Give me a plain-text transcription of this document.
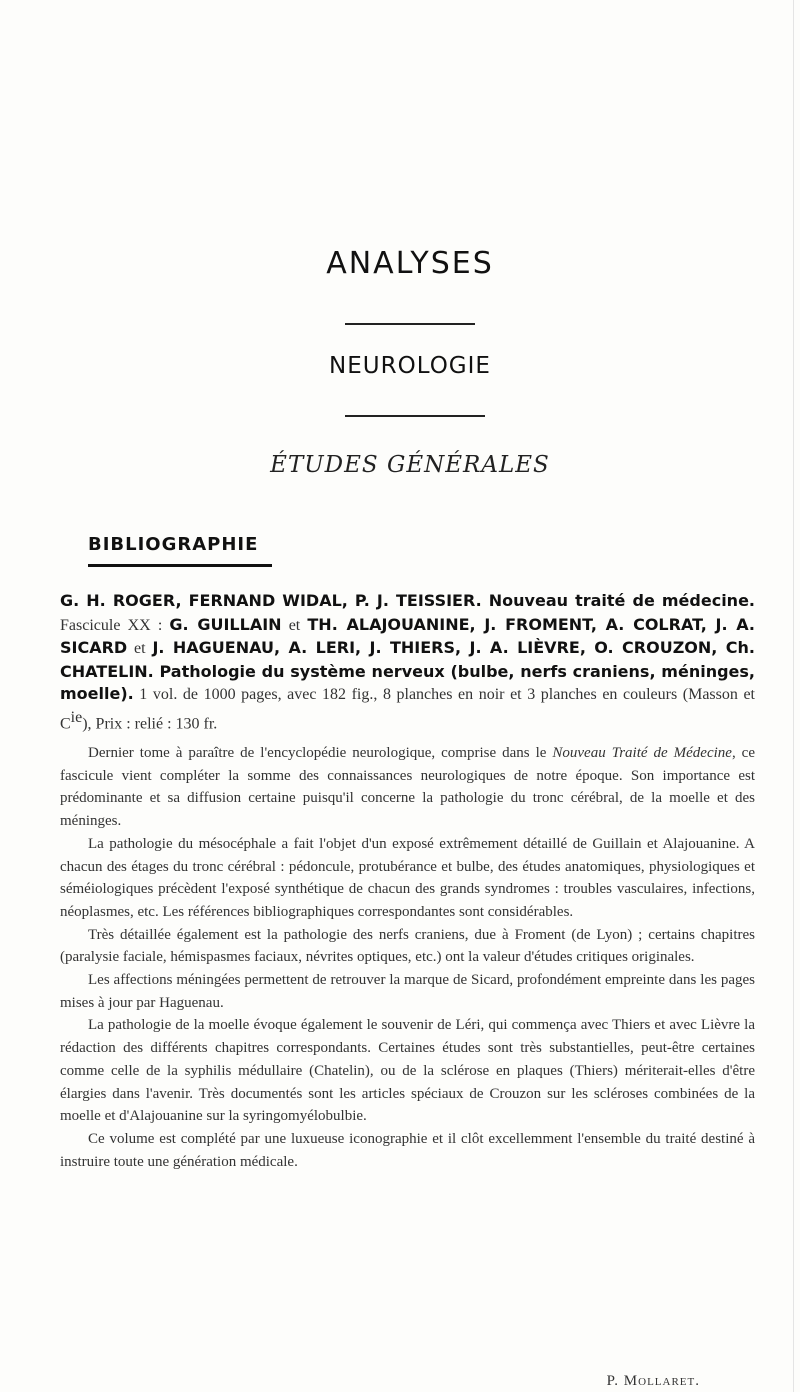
ANALYSES
NEUROLOGIE
ÉTUDES GÉNÉRALES
BIBLIOGRAPHIE
G. H. ROGER, FERNAND WIDAL, P. J. TEISSIER. Nouveau traité de médecine. Fascicule XX : G. GUILLAIN et TH. ALAJOUANINE, J. FROMENT, A. COLRAT, J. A. SICARD et J. HAGUENAU, A. LERI, J. THIERS, J. A. LIÈVRE, O. CROUZON, Ch. CHATELIN. Pathologie du système nerveux (bulbe, nerfs craniens, méninges, moelle). 1 vol. de 1000 pages, avec 182 fig., 8 planches en noir et 3 planches en couleurs (Masson et $C^{ie}$), Prix : relié : 130 fr.

Dernier tome à paraître de l'encyclopédie neurologique, comprise dans le Nouveau Traité de Médecine, ce fascicule vient compléter la somme des connaissances neurologiques de notre époque. Son importance est prédominante et sa diffusion certaine puisqu'il concerne la pathologie du tronc cérébral, de la moelle et des méninges.

La pathologie du mésocéphale a fait l'objet d'un exposé extrêmement détaillé de Guillain et Alajouanine. A chacun des étages du tronc cérébral : pédoncule, protubérance et bulbe, des études anatomiques, physiologiques et séméiologiques précèdent l'exposé synthétique de chacun des grands syndromes : troubles vasculaires, infections, néoplasmes, etc. Les références bibliographiques correspondantes sont considérables.

Très détaillée également est la pathologie des nerfs craniens, due à Froment (de Lyon) ; certains chapitres (paralysie faciale, hémispasmes faciaux, névrites optiques, etc.) ont la valeur d'études critiques originales.

Les affections méningées permettent de retrouver la marque de Sicard, profondément empreinte dans les pages mises à jour par Haguenau.

La pathologie de la moelle évoque également le souvenir de Léri, qui commença avec Thiers et avec Lièvre la rédaction des différents chapitres correspondants. Certaines études sont très substantielles, peut-être certaines comme celle de la syphilis médullaire (Chatelin), ou de la sclérose en plaques (Thiers) mériterait-elles d'être élargies dans l'avenir. Très documentés sont les articles spéciaux de Crouzon sur les scléroses combinées de la moelle et d'Alajouanine sur la syringomyélobulbie.

Ce volume est complété par une luxueuse iconographie et il clôt excellemment l'ensemble du traité destiné à instruire toute une génération médicale.

P. Mollaret.
